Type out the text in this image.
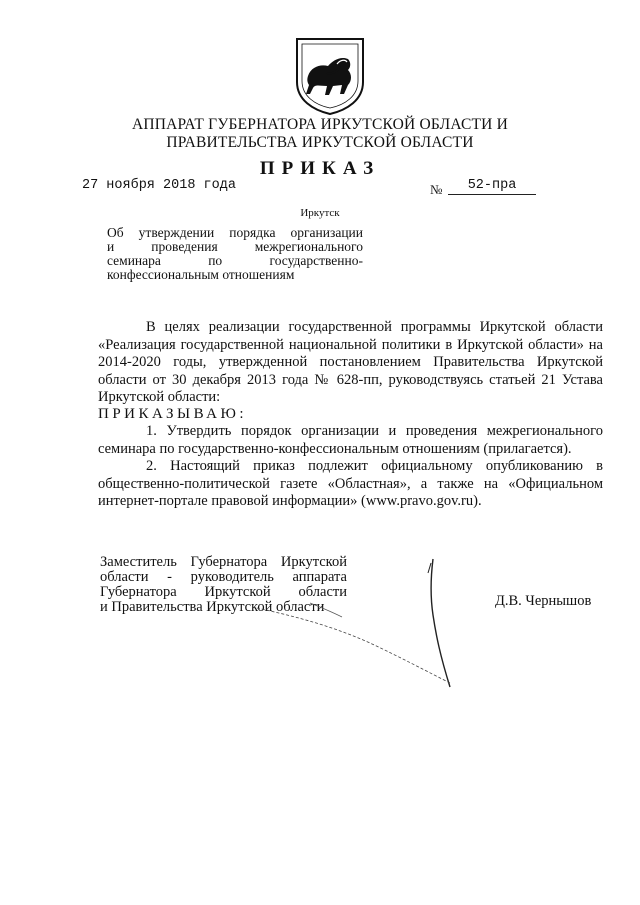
АППАРАТ ГУБЕРНАТОРА ИРКУТСКОЙ ОБЛАСТИ И
ПРАВИТЕЛЬСТВА ИРКУТСКОЙ ОБЛАСТИ
ПРИКАЗ
27 ноября 2018 года	№	52-пра
Иркутск
Об утверждении порядка организации
и проведения межрегионального
семинара по государственно-
конфессиональным отношениям

В целях реализации государственной программы Иркутской области «Реализация государственной национальной политики в Иркутской области» на 2014-2020 годы, утвержденной постановлением Правительства Иркутской области от 30 декабря 2013 года № 628-пп, руководствуясь статьей 21 Устава Иркутской области:

ПРИКАЗЫВАЮ:

1. Утвердить порядок организации и проведения межрегионального семинара по государственно-конфессиональным отношениям (прилагается).

2. Настоящий приказ подлежит официальному опубликованию в общественно-политической газете «Областная», а также на «Официальном интернет-портале правовой информации» (www.pravo.gov.ru).

Заместитель Губернатора Иркутской
области - руководитель аппарата
Губернатора Иркутской области
и Правительства Иркутской области	Д.В. Чернышов
